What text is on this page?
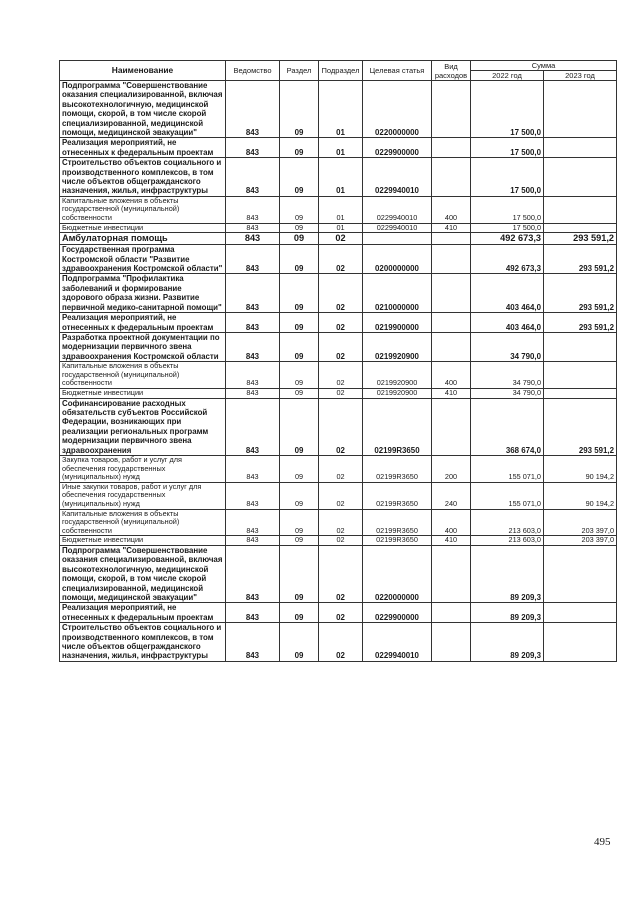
Наименование	Ведомство	Раздел	Подраздел	Целевая статья	Вид расходов	Сумма	
						2022 год	2023 год
Подпрограмма "Совершенствование оказания специализированной, включая высокотехнологичную, медицинской помощи, скорой, в том числе скорой специализированной, медицинской помощи, медицинской эвакуации"	843	09	01	0220000000		17 500,0	
Реализация мероприятий, не отнесенных к федеральным проектам	843	09	01	0229900000		17 500,0	
Строительство объектов социального и производственного комплексов, в том числе объектов общегражданского назначения, жилья, инфраструктуры	843	09	01	0229940010		17 500,0	
Капитальные вложения в объекты государственной (муниципальной) собственности	843	09	01	0229940010	400	17 500,0	
Бюджетные инвестиции	843	09	01	0229940010	410	17 500,0	
Амбулаторная помощь	843	09	02			492 673,3	293 591,2
Государственная программа Костромской области "Развитие здравоохранения Костромской области"	843	09	02	0200000000		492 673,3	293 591,2
Подпрограмма "Профилактика заболеваний и формирование здорового образа жизни. Развитие первичной медико-санитарной помощи"	843	09	02	0210000000		403 464,0	293 591,2
Реализация мероприятий, не отнесенных к федеральным проектам	843	09	02	0219900000		403 464,0	293 591,2
Разработка проектной документации по модернизации первичного звена здравоохранения Костромской области	843	09	02	0219920900		34 790,0	
Капитальные вложения в объекты государственной (муниципальной) собственности	843	09	02	0219920900	400	34 790,0	
Бюджетные инвестиции	843	09	02	0219920900	410	34 790,0	
Софинансирование расходных обязательств субъектов Российской Федерации, возникающих при реализации региональных программ модернизации первичного звена здравоохранения	843	09	02	02199R3650		368 674,0	293 591,2
Закупка товаров, работ и услуг для обеспечения государственных (муниципальных) нужд	843	09	02	02199R3650	200	155 071,0	90 194,2
Иные закупки товаров, работ и услуг для обеспечения государственных (муниципальных) нужд	843	09	02	02199R3650	240	155 071,0	90 194,2
Капитальные вложения в объекты государственной (муниципальной) собственности	843	09	02	02199R3650	400	213 603,0	203 397,0
Бюджетные инвестиции	843	09	02	02199R3650	410	213 603,0	203 397,0
Подпрограмма "Совершенствование оказания специализированной, включая высокотехнологичную, медицинской помощи, скорой, в том числе скорой специализированной, медицинской помощи, медицинской эвакуации"	843	09	02	0220000000		89 209,3	
Реализация мероприятий, не отнесенных к федеральным проектам	843	09	02	0229900000		89 209,3	
Строительство объектов социального и производственного комплексов, в том числе объектов общегражданского назначения, жилья, инфраструктуры	843	09	02	0229940010		89 209,3	
495
